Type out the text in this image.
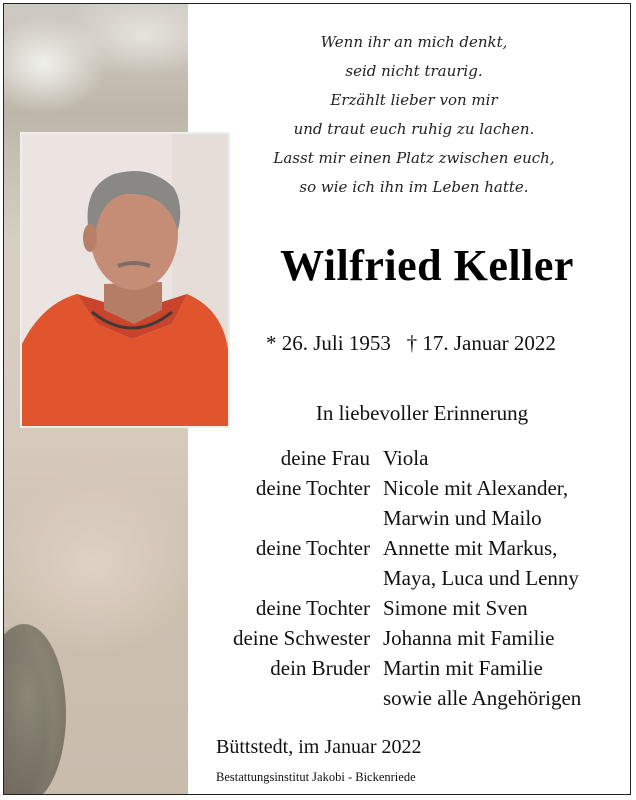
Wenn ihr an mich denkt,
seid nicht traurig.
Erzählt lieber von mir
und traut euch ruhig zu lachen.
Lasst mir einen Platz zwischen euch,
so wie ich ihn im Leben hatte.
Wilfried Keller
* 26. Juli 1953 † 17. Januar 2022
In liebevoller Erinnerung
deine Frau Viola
deine Tochter Nicole mit Alexander,
Marwin und Mailo
deine Tochter Annette mit Markus,
Maya, Luca und Lenny
deine Tochter Simone mit Sven
deine Schwester Johanna mit Familie
dein Bruder Martin mit Familie
sowie alle Angehörigen
Büttstedt, im Januar 2022
Bestattungsinstitut Jakobi - Bickenriede
